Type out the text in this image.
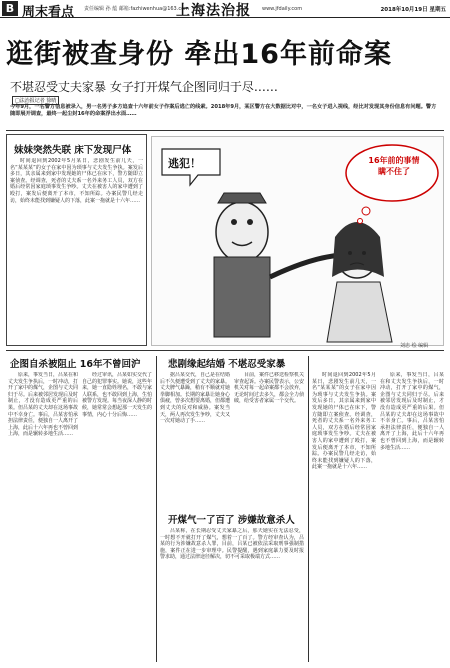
B 周末看点 责任编辑 孙 蕴 邮箱:fazhiwenhua@163.com
上海法治报 www.jfdaily.com	2018年10月19日 星期五
逛街被查身份 牵出16年前命案
不堪忍受丈夫家暴 女子打开煤气企图同归于尽……
□法治报记者 徐晴
今年9月，一名警方信息被录入，男一名男子多方追查十六年前女子作案后逃亡的线索。2018年9月，某区警方在大数据比对中，一名女子进入视线，经比对发现其身份信息有问题。警方随即展开调查，最终一起尘封16年的命案浮出水面……
妹妹突然失联 床下发现尸体

时间退回到2002年5月某日，悲剧发生前几天，一名“某某某”的女子在家中因为琐事与丈夫发生争执。案发后多日，其亲属来到家中发现她的尸体已在床下，警方随即立案侦查。经调查，死者的丈夫系一名外来务工人员，双方在婚后经常因家庭琐事发生争吵。丈夫在被害人的家中遭到了殴打，案发后便离开了本市，不知所踪。办案民警几经走访，始终未能找到嫌疑人的下落，此案一拖就是十六年……

逃犯！	16年前的事情 瞒不住了
刘忠 绘 编辑
企图自杀被阻止 16年不曾回沪

原来，事发当日，吕某在和丈夫发生争执后，一时冲动，打开了家中的煤气，企图与丈夫同归于尽。后来被邻居发现后及时制止，才没有造成更严重的后果。但吕某的丈夫却在这场事故中不幸身亡。事后，吕某害怕承担法律责任，便独自一人离开了上海，此后十六年再也不曾回到上海，而是辗转多地生活……

经过审讯，吕某如实交代了自己的犯罪事实。她说，这些年来，她一直隐姓埋名，不敢与家人联系，也不敢回到上海，生怕被警方发现。每当夜深人静的时候，她常常会想起那一天发生的事情，内心十分后悔……

悲剧缘起结婚 不堪忍受家暴

据吕某交代，自己是在结婚后不久便遭受到了丈夫的家暴。丈夫脾气暴躁，稍有不顺就对她拳脚相加。长期的家暴让她身心俱疲，曾多次想要离婚，但都遭到丈夫的反对和威胁。案发当天，两人再次发生争吵，丈夫又一次对她动了手……

目前，案件已移送检察机关审查起诉。办案民警表示，公安机关对每一起命案都不会放弃，无论时间过去多久，都会全力侦破，给受害者家属一个交代。

开煤气一了百了 涉嫌故意杀人

吕某称，在长期忍受丈夫家暴之后，那天她实在无法忍受，一时想不开就打开了煤气，想着一了百了。警方经审查认为，吕某的行为涉嫌故意杀人罪，目前，吕某已被依法采取刑事强制措施，案件正在进一步审理中。民警提醒，遇到家庭暴力要及时报警求助，通过法律途径解决，切不可采取极端方式……

时间退回到2002年5月某日，悲剧发生前几天，一名“某某某”的女子在家中因为琐事与丈夫发生争执。案发后多日，其亲属来到家中发现她的尸体已在床下，警方随即立案侦查。经调查，死者的丈夫系一名外来务工人员，双方在婚后经常因家庭琐事发生争吵。丈夫在被害人的家中遭到了殴打，案发后便离开了本市，不知所踪。办案民警几经走访，始终未能找到嫌疑人的下落，此案一拖就是十六年……

原来，事发当日，吕某在和丈夫发生争执后，一时冲动，打开了家中的煤气，企图与丈夫同归于尽。后来被邻居发现后及时制止，才没有造成更严重的后果。但吕某的丈夫却在这场事故中不幸身亡。事后，吕某害怕承担法律责任，便独自一人离开了上海，此后十六年再也不曾回到上海，而是辗转多地生活……
